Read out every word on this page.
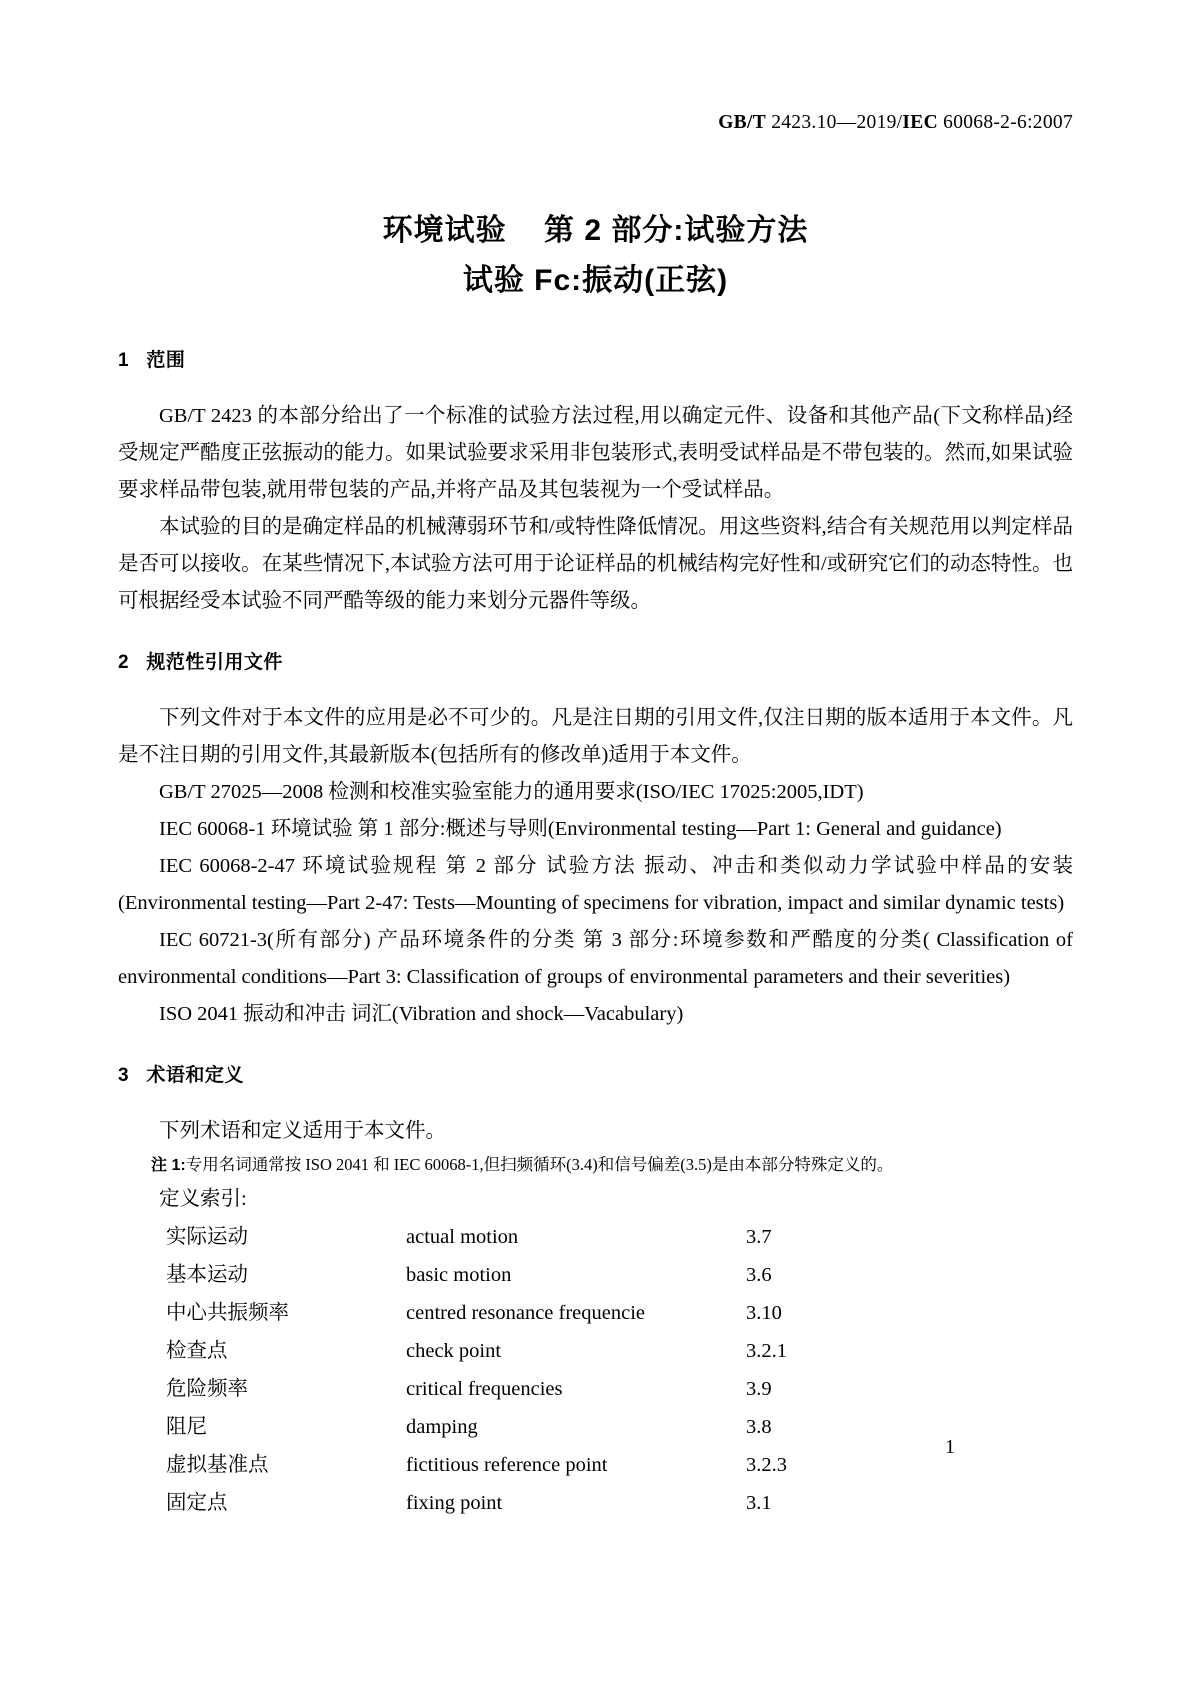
GB/T 2423.10—2019/IEC 60068-2-6:2007
环境试验    第 2 部分:试验方法
试验 Fc:振动(正弦)
1   范围

GB/T 2423 的本部分给出了一个标准的试验方法过程,用以确定元件、设备和其他产品(下文称样品)经受规定严酷度正弦振动的能力。如果试验要求采用非包装形式,表明受试样品是不带包装的。然而,如果试验要求样品带包装,就用带包装的产品,并将产品及其包装视为一个受试样品。

本试验的目的是确定样品的机械薄弱环节和/或特性降低情况。用这些资料,结合有关规范用以判定样品是否可以接收。在某些情况下,本试验方法可用于论证样品的机械结构完好性和/或研究它们的动态特性。也可根据经受本试验不同严酷等级的能力来划分元器件等级。

2   规范性引用文件

下列文件对于本文件的应用是必不可少的。凡是注日期的引用文件,仅注日期的版本适用于本文件。凡是不注日期的引用文件,其最新版本(包括所有的修改单)适用于本文件。

GB/T 27025—2008 检测和校准实验室能力的通用要求(ISO/IEC 17025:2005,IDT)

IEC 60068-1 环境试验 第 1 部分:概述与导则(Environmental testing—Part 1: General and guidance)

IEC 60068-2-47 环境试验规程 第 2 部分 试验方法 振动、冲击和类似动力学试验中样品的安装(Environmental testing—Part 2-47: Tests—Mounting of specimens for vibration, impact and similar dynamic tests)

IEC 60721-3(所有部分) 产品环境条件的分类 第 3 部分:环境参数和严酷度的分类( Classification of environmental conditions—Part 3: Classification of groups of environmental parameters and their severities)

ISO 2041 振动和冲击 词汇(Vibration and shock—Vacabulary)

3   术语和定义

下列术语和定义适用于本文件。

注 1:专用名词通常按 ISO 2041 和 IEC 60068-1,但扫频循环(3.4)和信号偏差(3.5)是由本部分特殊定义的。

定义索引:

实际运动	actual motion	3.7
基本运动	basic motion	3.6
中心共振频率	centred resonance frequencie	3.10
检查点	check point	3.2.1
危险频率	critical frequencies	3.9
阻尼	damping	3.8
虚拟基准点	fictitious reference point	3.2.3
固定点	fixing point	3.1
1
